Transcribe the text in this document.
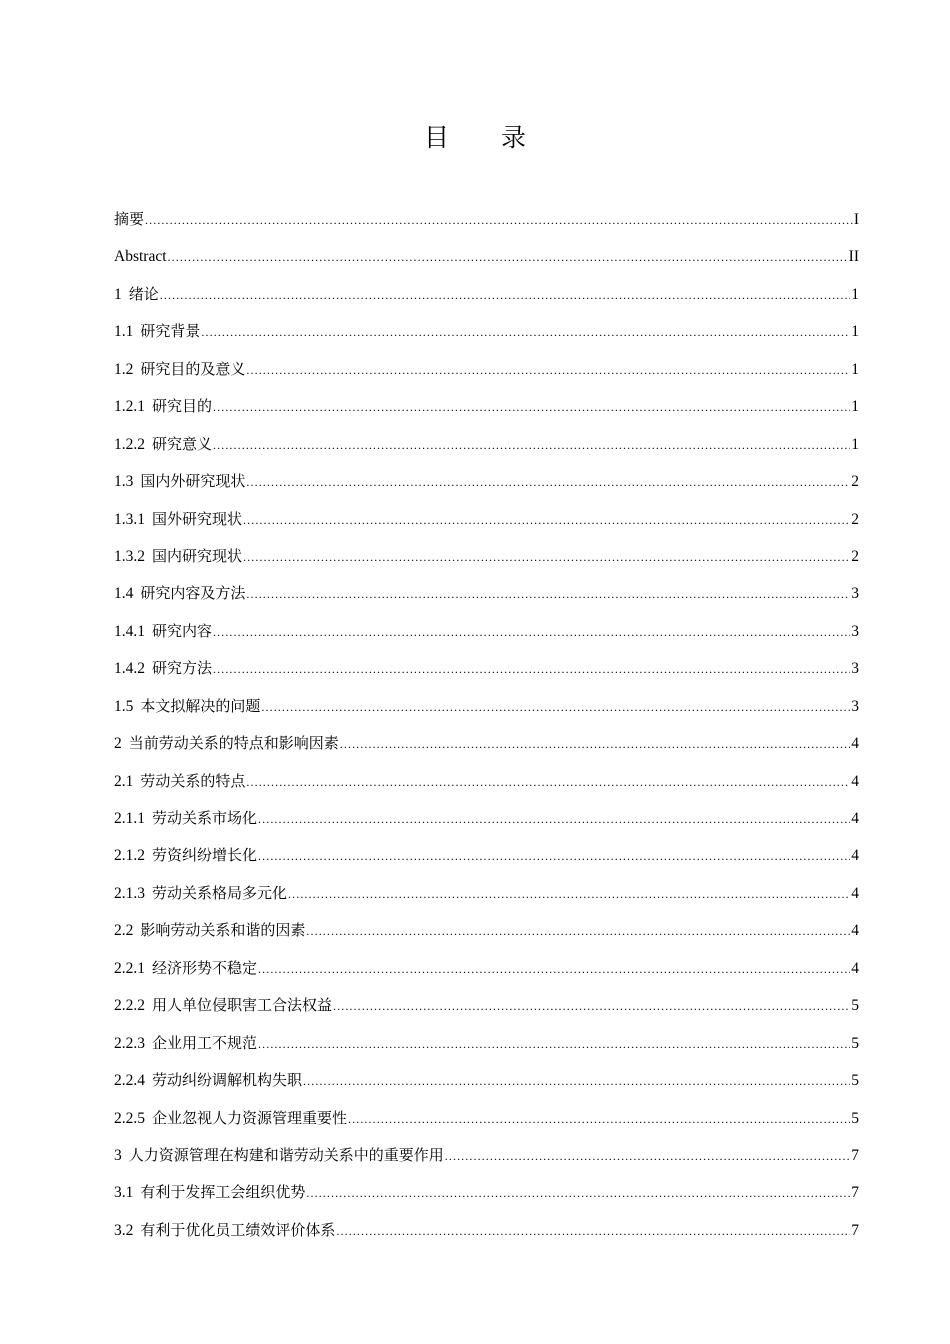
目 录
摘要 .....	I
Abstract .....	II
1 绪论 .....	1
1.1 研究背景 .....	1
1.2 研究目的及意义 .....	1
1.2.1 研究目的 .....	1
1.2.2 研究意义 .....	1
1.3 国内外研究现状 .....	2
1.3.1 国外研究现状 .....	2
1.3.2 国内研究现状 .....	2
1.4 研究内容及方法 .....	3
1.4.1 研究内容 .....	3
1.4.2 研究方法 .....	3
1.5 本文拟解决的问题 .....	3
2 当前劳动关系的特点和影响因素 .....	4
2.1 劳动关系的特点 .....	4
2.1.1 劳动关系市场化 .....	4
2.1.2 劳资纠纷增长化 .....	4
2.1.3 劳动关系格局多元化 .....	4
2.2 影响劳动关系和谐的因素 .....	4
2.2.1 经济形势不稳定 .....	4
2.2.2 用人单位侵职害工合法权益 .....	5
2.2.3 企业用工不规范 .....	5
2.2.4 劳动纠纷调解机构失职 .....	5
2.2.5 企业忽视人力资源管理重要性 .....	5
3 人力资源管理在构建和谐劳动关系中的重要作用 .....	7
3.1 有利于发挥工会组织优势 .....	7
3.2 有利于优化员工绩效评价体系 .....	7
